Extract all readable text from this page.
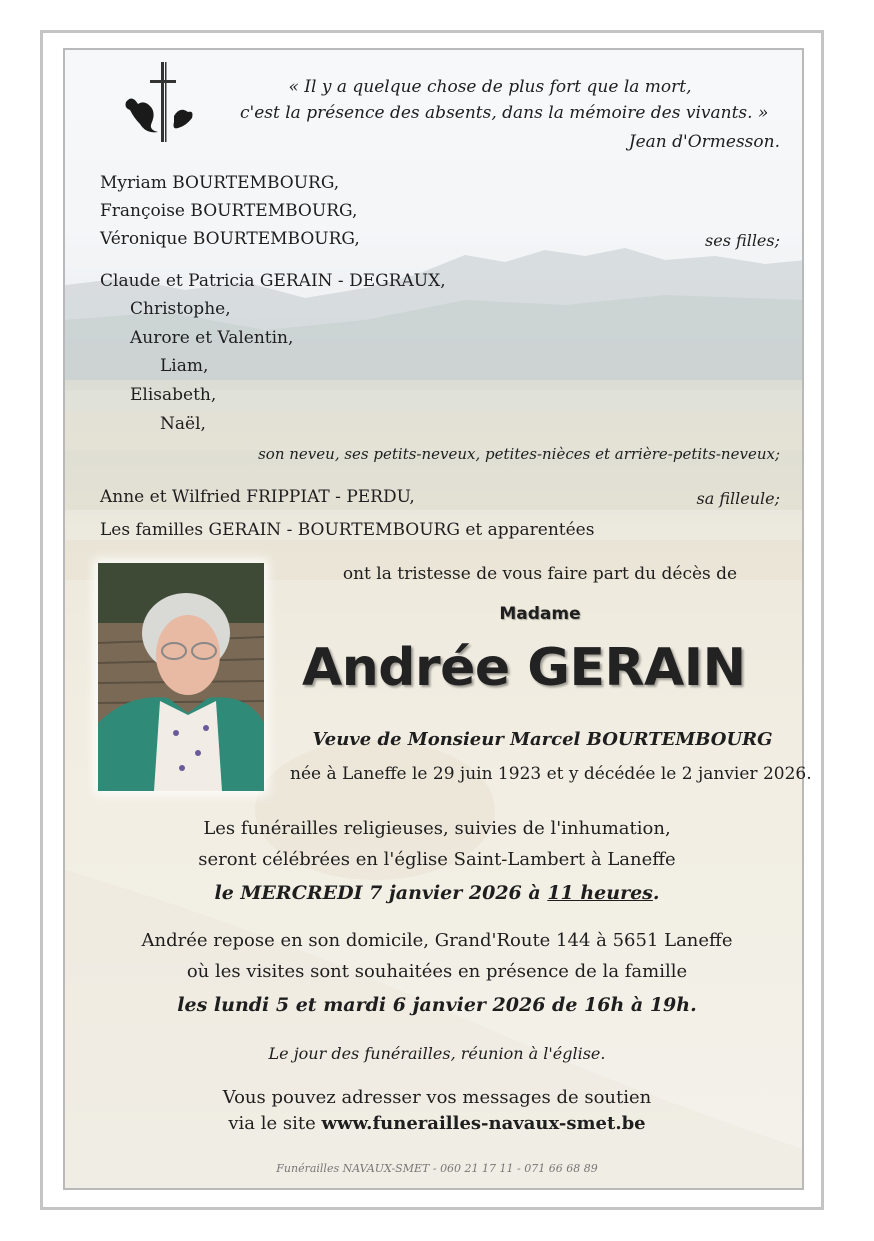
« Il y a quelque chose de plus fort que la mort,

c'est la présence des absents, dans la mémoire des vivants. »

Jean d'Ormesson.

Myriam BOURTEMBOURG,

Françoise BOURTEMBOURG,

Véronique BOURTEMBOURG,	ses filles;

Claude et Patricia GERAIN - DEGRAUX,

Christophe,

Aurore et Valentin,

Liam,

Elisabeth,

Naël,

son neveu, ses petits-neveux, petites-nièces et arrière-petits-neveux;

Anne et Wilfried FRIPPIAT - PERDU,	sa filleule;

Les familles GERAIN - BOURTEMBOURG et apparentées

ont la tristesse de vous faire part du décès de

Madame

Andrée GERAIN

Veuve de Monsieur Marcel BOURTEMBOURG

née à Laneffe le 29 juin 1923 et y décédée le 2 janvier 2026.

Les funérailles religieuses, suivies de l'inhumation,

seront célébrées en l'église Saint-Lambert à Laneffe

le MERCREDI 7 janvier 2026 à 11 heures.

Andrée repose en son domicile, Grand'Route 144 à 5651 Laneffe

où les visites sont souhaitées en présence de la famille

les lundi 5 et mardi 6 janvier 2026 de 16h à 19h.

Le jour des funérailles, réunion à l'église.

Vous pouvez adresser vos messages de soutien

via le site www.funerailles-navaux-smet.be

Funérailles NAVAUX-SMET - 060 21 17 11 - 071 66 68 89
